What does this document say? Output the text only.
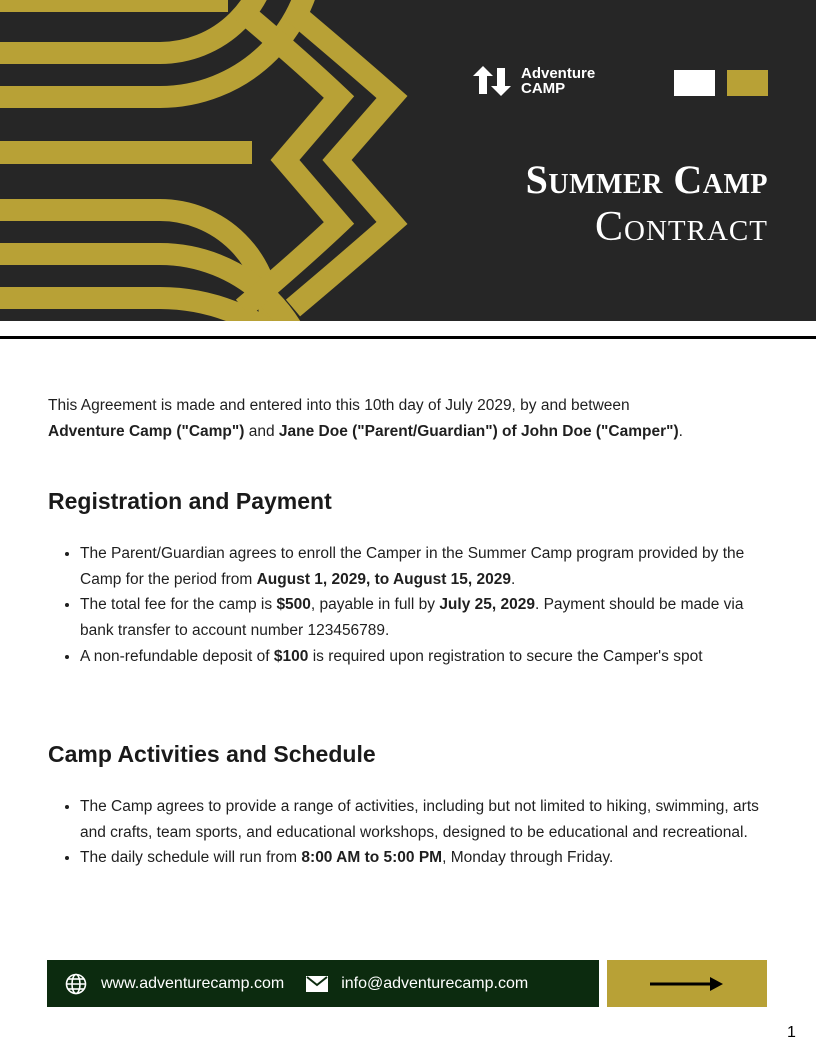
Adventure
CAMP
Summer Camp
Contract

This Agreement is made and entered into this 10th day of July 2029, by and between
Adventure Camp ("Camp") and Jane Doe ("Parent/Guardian") of John Doe ("Camper").

Registration and Payment
• The Parent/Guardian agrees to enroll the Camper in the Summer Camp program provided by the Camp for the period from August 1, 2029, to August 15, 2029.
• The total fee for the camp is $500, payable in full by July 25, 2029. Payment should be made via bank transfer to account number 123456789.
• A non-refundable deposit of $100 is required upon registration to secure the Camper's spot
Camp Activities and Schedule
• The Camp agrees to provide a range of activities, including but not limited to hiking, swimming, arts and crafts, team sports, and educational workshops, designed to be educational and recreational.
• The daily schedule will run from 8:00 AM to 5:00 PM, Monday through Friday.
www.adventurecamp.com	info@adventurecamp.com
1
